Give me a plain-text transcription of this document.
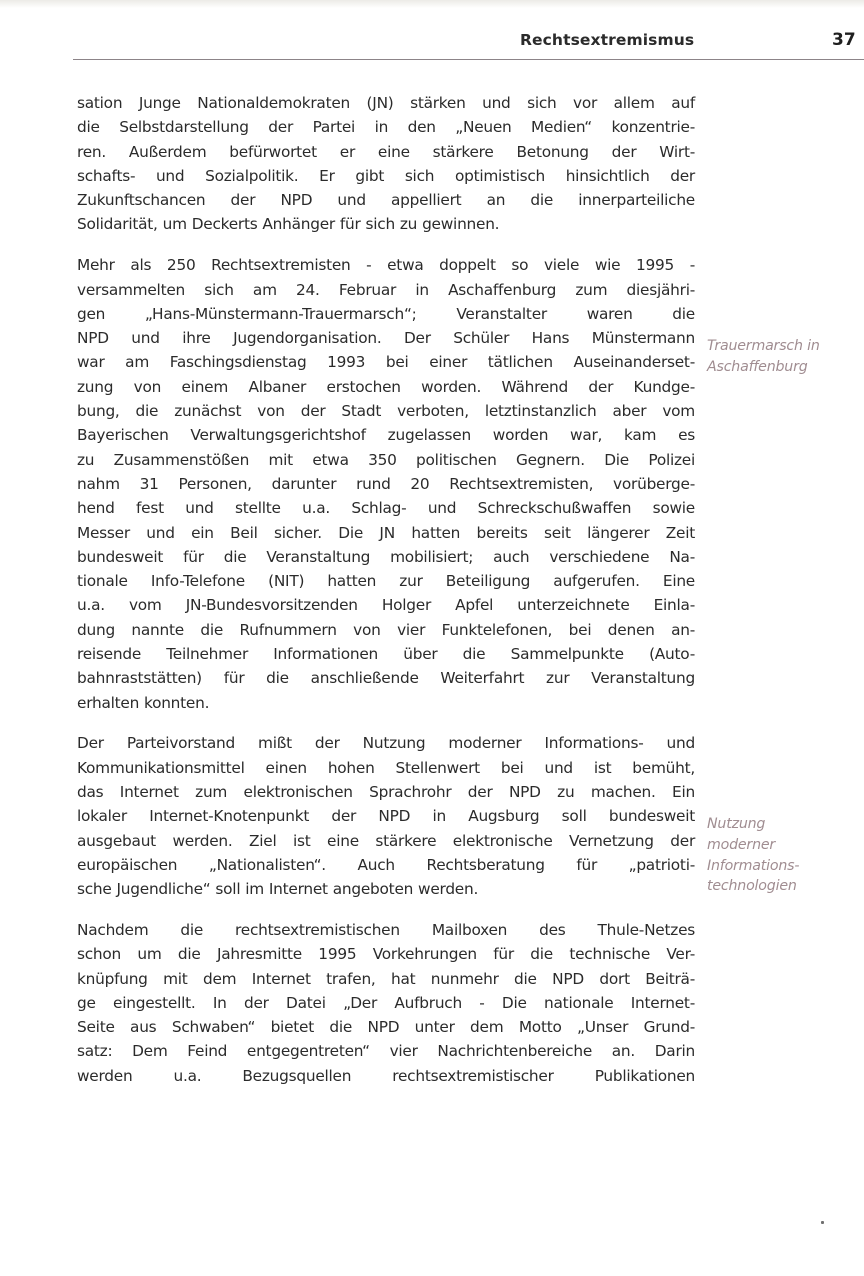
Rechtsextremismus	37

sation Junge Nationaldemokraten (JN) stärken und sich vor allem auf
die Selbstdarstellung der Partei in den „Neuen Medien“ konzentrie-
ren. Außerdem befürwortet er eine stärkere Betonung der Wirt-
schafts- und Sozialpolitik. Er gibt sich optimistisch hinsichtlich der
Zukunftschancen der NPD und appelliert an die innerparteiliche
Solidarität, um Deckerts Anhänger für sich zu gewinnen.

Mehr als 250 Rechtsextremisten - etwa doppelt so viele wie 1995 -
versammelten sich am 24. Februar in Aschaffenburg zum diesjähri-
gen „Hans-Münstermann-Trauermarsch“; Veranstalter waren die
NPD und ihre Jugendorganisation. Der Schüler Hans Münstermann
war am Faschingsdienstag 1993 bei einer tätlichen Auseinanderset-
zung von einem Albaner erstochen worden. Während der Kundge-
bung, die zunächst von der Stadt verboten, letztinstanzlich aber vom
Bayerischen Verwaltungsgerichtshof zugelassen worden war, kam es
zu Zusammenstößen mit etwa 350 politischen Gegnern. Die Polizei
nahm 31 Personen, darunter rund 20 Rechtsextremisten, vorüberge-
hend fest und stellte u.a. Schlag- und Schreckschußwaffen sowie
Messer und ein Beil sicher. Die JN hatten bereits seit längerer Zeit
bundesweit für die Veranstaltung mobilisiert; auch verschiedene Na-
tionale Info-Telefone (NIT) hatten zur Beteiligung aufgerufen. Eine
u.a. vom JN-Bundesvorsitzenden Holger Apfel unterzeichnete Einla-
dung nannte die Rufnummern von vier Funktelefonen, bei denen an-
reisende Teilnehmer Informationen über die Sammelpunkte (Auto-
bahnraststätten) für die anschließende Weiterfahrt zur Veranstaltung
erhalten konnten.

Der Parteivorstand mißt der Nutzung moderner Informations- und
Kommunikationsmittel einen hohen Stellenwert bei und ist bemüht,
das Internet zum elektronischen Sprachrohr der NPD zu machen. Ein
lokaler Internet-Knotenpunkt der NPD in Augsburg soll bundesweit
ausgebaut werden. Ziel ist eine stärkere elektronische Vernetzung der
europäischen „Nationalisten“. Auch Rechtsberatung für „patrioti-
sche Jugendliche“ soll im Internet angeboten werden.

Nachdem die rechtsextremistischen Mailboxen des Thule-Netzes
schon um die Jahresmitte 1995 Vorkehrungen für die technische Ver-
knüpfung mit dem Internet trafen, hat nunmehr die NPD dort Beiträ-
ge eingestellt. In der Datei „Der Aufbruch - Die nationale Internet-
Seite aus Schwaben“ bietet die NPD unter dem Motto „Unser Grund-
satz: Dem Feind entgegentreten“ vier Nachrichtenbereiche an. Darin
werden u.a. Bezugsquellen rechtsextremistischer Publikationen

Trauermarsch in
Aschaffenburg
Nutzung
moderner
Informations-
technologien
